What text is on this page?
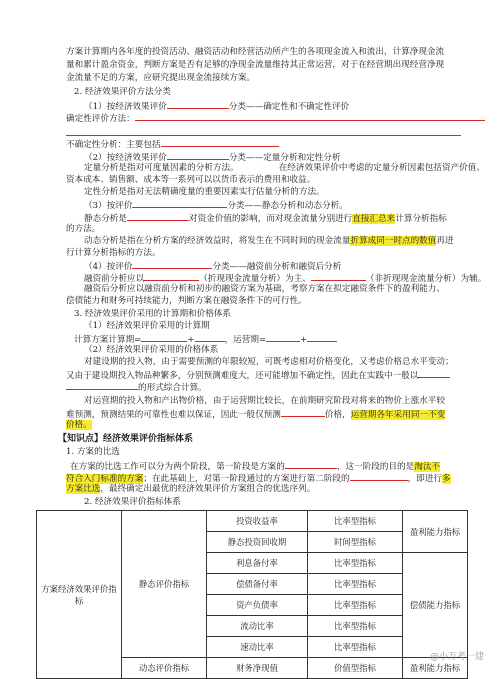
方案计算期内各年度的投资活动、融资活动和经营活动所产生的各项现金流入和流出，计算净现金流
量和累计盈余资金，判断方案是否有足够的净现金流量维持其正常运营，对于在经营期出现经营净现
金流量不足的方案，应研究提出现金流接续方案。
2. 经济效果评价方法分类
（1）按经济效果评价	分类——确定性和不确定性评价
确定性评价方法：
不确定性分析：主要包括
（2）按经济效果评价	分类——定量分析和定性分析
定量分析是指对可度量因素的分析方法。	在经济效果评价中考虑的定量分析因素包括资产价值、
资本成本、销售额、成本等一系列可以以货币表示的费用和收益。
定性分析是指对无法精确度量的重要因素实行估量分析的方法。
（3）按评价	分类——静态分析和动态分析。
静态分析是	对资金价值的影响，而对现金流量分别进行直接汇总来计算分析指标
的方法。
动态分析是指在分析方案的经济效益时，将发生在不同时间的现金流量折算成同一时点的数值再进
行计算分析指标的方法。
（4）按评价	分类——融资前分析和融资后分析
融资前分析应以	（折现现金流量分析）为主、	（非折现现金流量分析）为辅。
融资后分析应以融资前分析和初步的融资方案为基础，考察方案在拟定融资条件下的盈利能力、
偿债能力和财务可持续能力，判断方案在融资条件下的可行性。
3. 经济效果评价采用的计算期和价格体系
（1）经济效果评价采用的计算期
计算方案计算期=	+	，运营期=	+
（2）经济效果评价采用的价格体系
对建设期的投入物，由于需要预测的年限较短，可既考虑相对价格变化，又考虑价格总水平变动；
又由于建设期投入物品种繁多，分别预测难度大，还可能增加不确定性，因此在实践中一般以
的形式综合计算。
对运营期的投入物和产出物价格，由于运营期比较长，在前期研究阶段对将来的物价上涨水平较
难预测，预测结果的可靠性也难以保证，因此一般仅预测	价格，运营期各年采用同一不变
价格。
【知识点】经济效果评价指标体系
1. 方案的比选
在方案的比选工作可以分为两个阶段，第一阶段是方案的	，这一阶段的目的是淘汰不
符合入门标准的方案；在此基础上，对第一阶段通过的方案进行第二阶段的	，即进行多
方案比选，最终确定出最优的经济效果评价方案组合的优选序列。
2. 经济效果评价指标体系
方案经济效果评价指标	静态评价指标	投资收益率	比率型指标	盈利能力指标
		静态投资回收期	时间型指标	
		利息备付率	比率型指标	偿债能力指标
		偿债备付率	比率型指标	
		资产负债率	比率型指标	
		流动比率	比率型指标	
		速动比率	比率型指标	
	动态评价指标	财务净现值	价值型指标	盈利能力指标
@小万考一建
